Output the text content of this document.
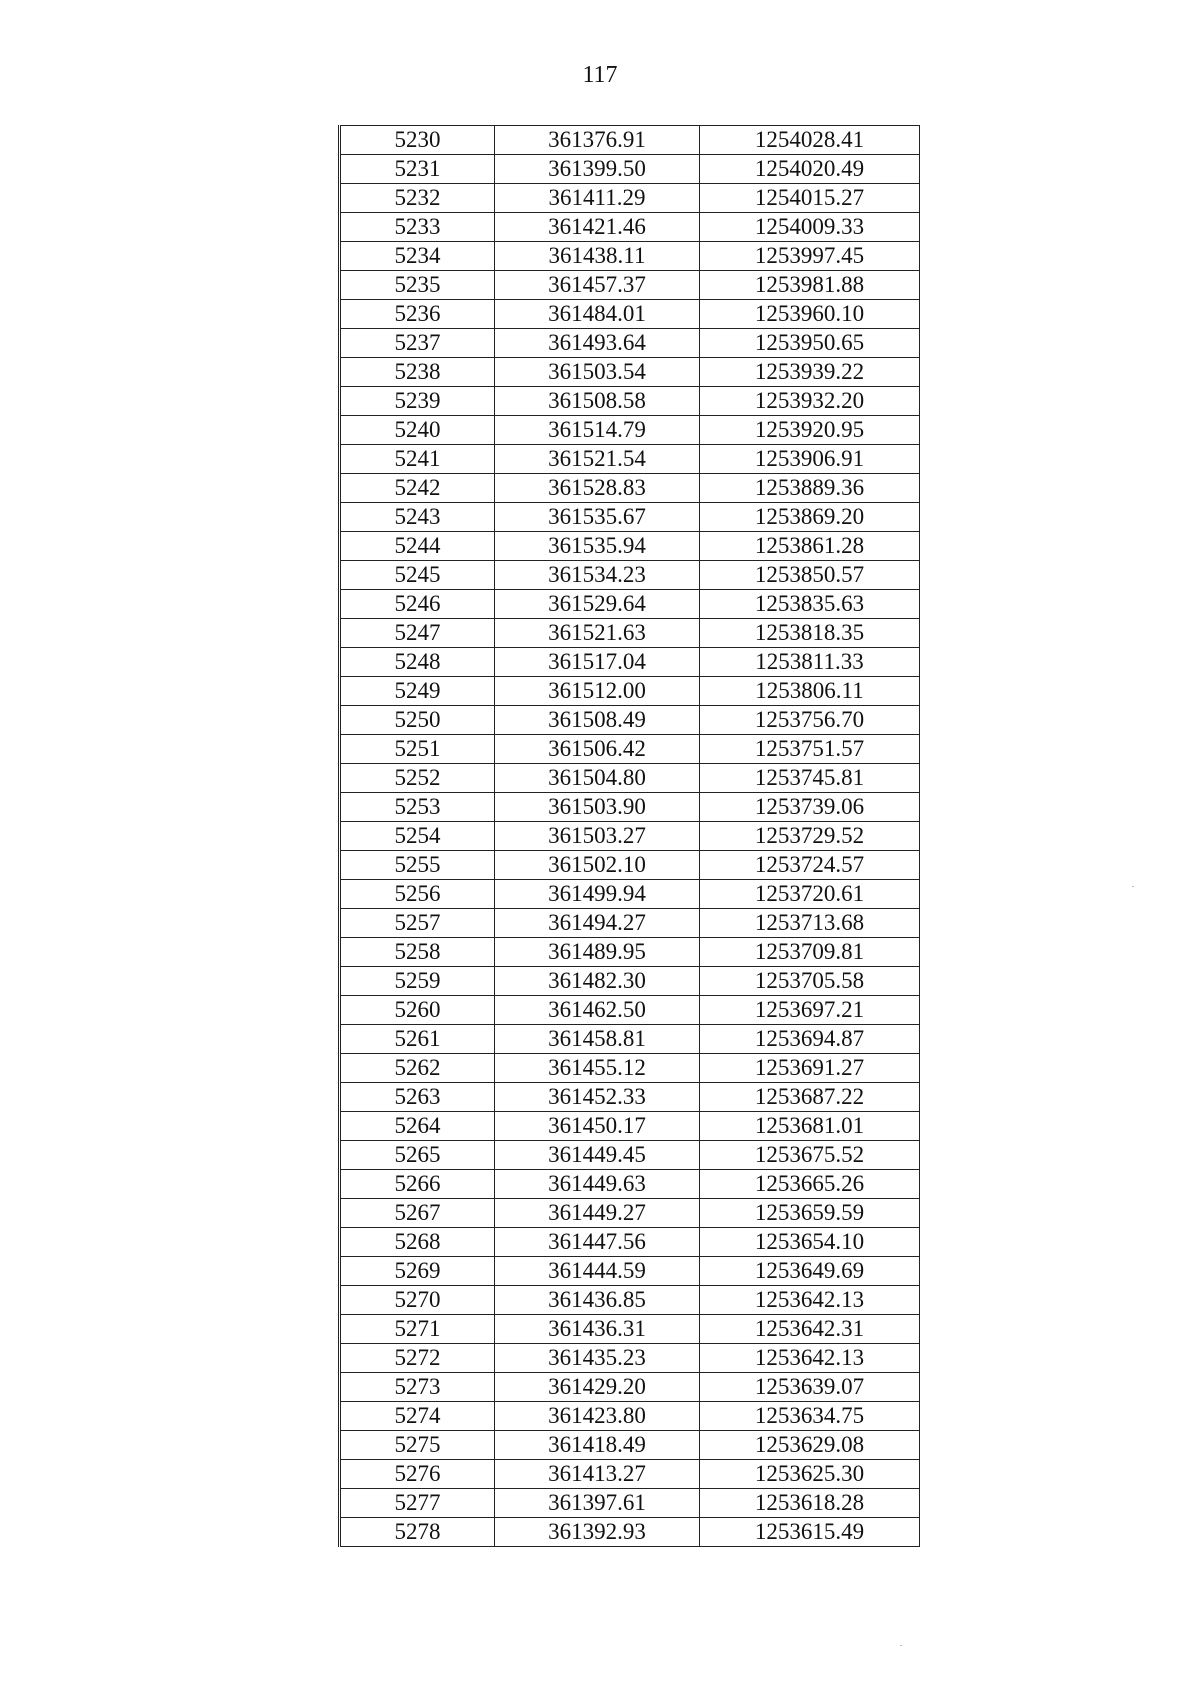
117
5230	361376.91	1254028.41
5231	361399.50	1254020.49
5232	361411.29	1254015.27
5233	361421.46	1254009.33
5234	361438.11	1253997.45
5235	361457.37	1253981.88
5236	361484.01	1253960.10
5237	361493.64	1253950.65
5238	361503.54	1253939.22
5239	361508.58	1253932.20
5240	361514.79	1253920.95
5241	361521.54	1253906.91
5242	361528.83	1253889.36
5243	361535.67	1253869.20
5244	361535.94	1253861.28
5245	361534.23	1253850.57
5246	361529.64	1253835.63
5247	361521.63	1253818.35
5248	361517.04	1253811.33
5249	361512.00	1253806.11
5250	361508.49	1253756.70
5251	361506.42	1253751.57
5252	361504.80	1253745.81
5253	361503.90	1253739.06
5254	361503.27	1253729.52
5255	361502.10	1253724.57
5256	361499.94	1253720.61
5257	361494.27	1253713.68
5258	361489.95	1253709.81
5259	361482.30	1253705.58
5260	361462.50	1253697.21
5261	361458.81	1253694.87
5262	361455.12	1253691.27
5263	361452.33	1253687.22
5264	361450.17	1253681.01
5265	361449.45	1253675.52
5266	361449.63	1253665.26
5267	361449.27	1253659.59
5268	361447.56	1253654.10
5269	361444.59	1253649.69
5270	361436.85	1253642.13
5271	361436.31	1253642.31
5272	361435.23	1253642.13
5273	361429.20	1253639.07
5274	361423.80	1253634.75
5275	361418.49	1253629.08
5276	361413.27	1253625.30
5277	361397.61	1253618.28
5278	361392.93	1253615.49
